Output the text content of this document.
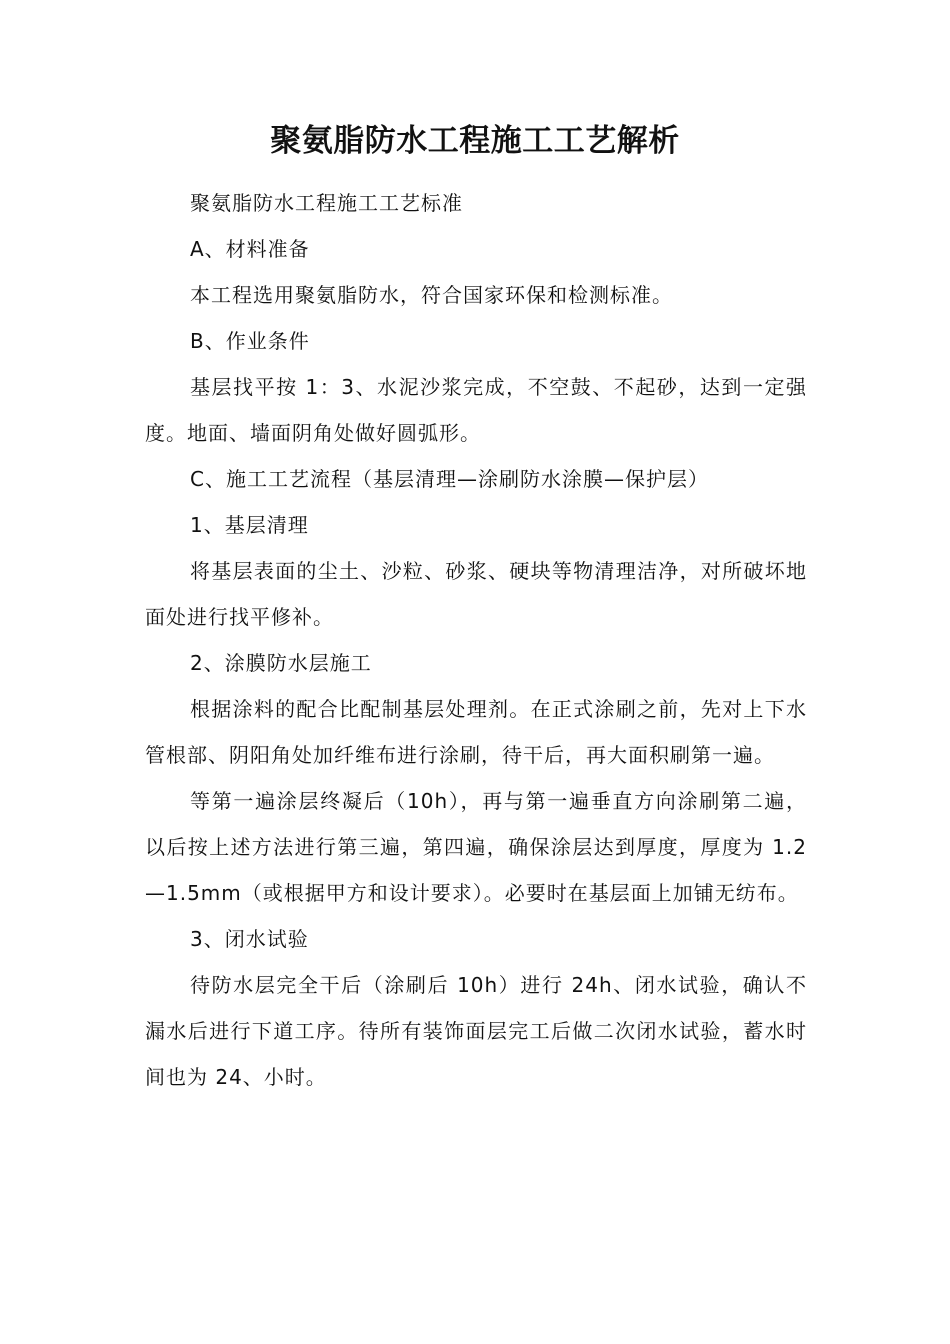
聚氨脂防水工程施工工艺解析

聚氨脂防水工程施工工艺标准

A、材料准备

本工程选用聚氨脂防水，符合国家环保和检测标准。

B、作业条件

基层找平按 1：3、水泥沙浆完成，不空鼓、不起砂，达到一定强度。地面、墙面阴角处做好圆弧形。

C、施工工艺流程（基层清理—涂刷防水涂膜—保护层）

1、基层清理

将基层表面的尘土、沙粒、砂浆、硬块等物清理洁净，对所破坏地面处进行找平修补。

2、涂膜防水层施工

根据涂料的配合比配制基层处理剂。在正式涂刷之前，先对上下水管根部、阴阳角处加纤维布进行涂刷，待干后，再大面积刷第一遍。

等第一遍涂层终凝后（10h），再与第一遍垂直方向涂刷第二遍，以后按上述方法进行第三遍，第四遍，确保涂层达到厚度，厚度为 1.2—1.5mm（或根据甲方和设计要求）。必要时在基层面上加铺无纺布。

3、闭水试验

待防水层完全干后（涂刷后 10h）进行 24h、闭水试验，确认不漏水后进行下道工序。待所有装饰面层完工后做二次闭水试验，蓄水时间也为 24、小时。
